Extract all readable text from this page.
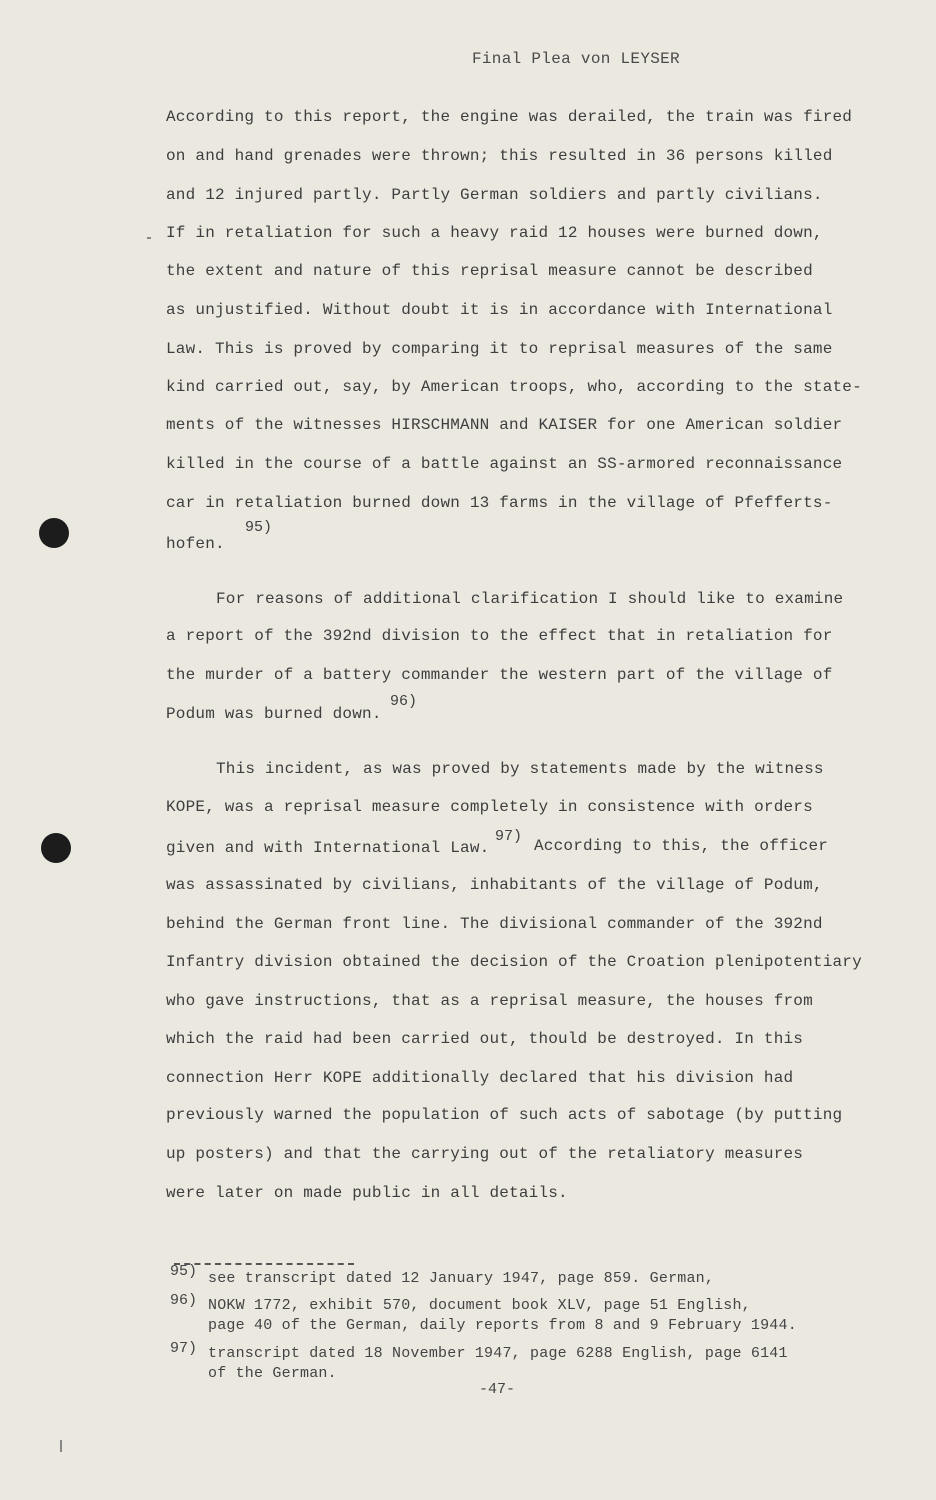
Final Plea von LEYSER
According to this report, the engine was derailed, the train was fired
on and hand grenades were thrown; this resulted in 36 persons killed
and 12 injured partly. Partly German soldiers and partly civilians.
If in retaliation for such a heavy raid 12 houses were burned down,
the extent and nature of this reprisal measure cannot be described
as unjustified. Without doubt it is in accordance with International
Law. This is proved by comparing it to reprisal measures of the same
kind carried out, say, by American troops, who, according to the state-
ments of the witnesses HIRSCHMANN and KAISER for one American soldier
killed in the course of a battle against an SS-armored reconnaissance
car in retaliation burned down 13 farms in the village of Pfefferts-
95)
hofen.
For reasons of additional clarification I should like to examine
a report of the 392nd division to the effect that in retaliation for
the murder of a battery commander the western part of the village of
Podum was burned down.
96)
This incident, as was proved by statements made by the witness
KOPE, was a reprisal measure completely in consistence with orders
given and with International Law.
97)
According to this, the officer
was assassinated by civilians, inhabitants of the village of Podum,
behind the German front line. The divisional commander of the 392nd
Infantry division obtained the decision of the Croation plenipotentiary
who gave instructions, that as a reprisal measure, the houses from
which the raid had been carried out, thould be destroyed. In this
connection Herr KOPE additionally declared that his division had
previously warned the population of such acts of sabotage (by putting
up posters) and that the carrying out of the retaliatory measures
were later on made public in all details.
95) see transcript dated 12 January 1947, page 859. German,
96) NOKW 1772, exhibit 570, document book XLV, page 51 English,
page 40 of the German, daily reports from 8 and 9 February 1944.
97) transcript dated 18 November 1947, page 6288 English, page 6141
of the German.
-47-
